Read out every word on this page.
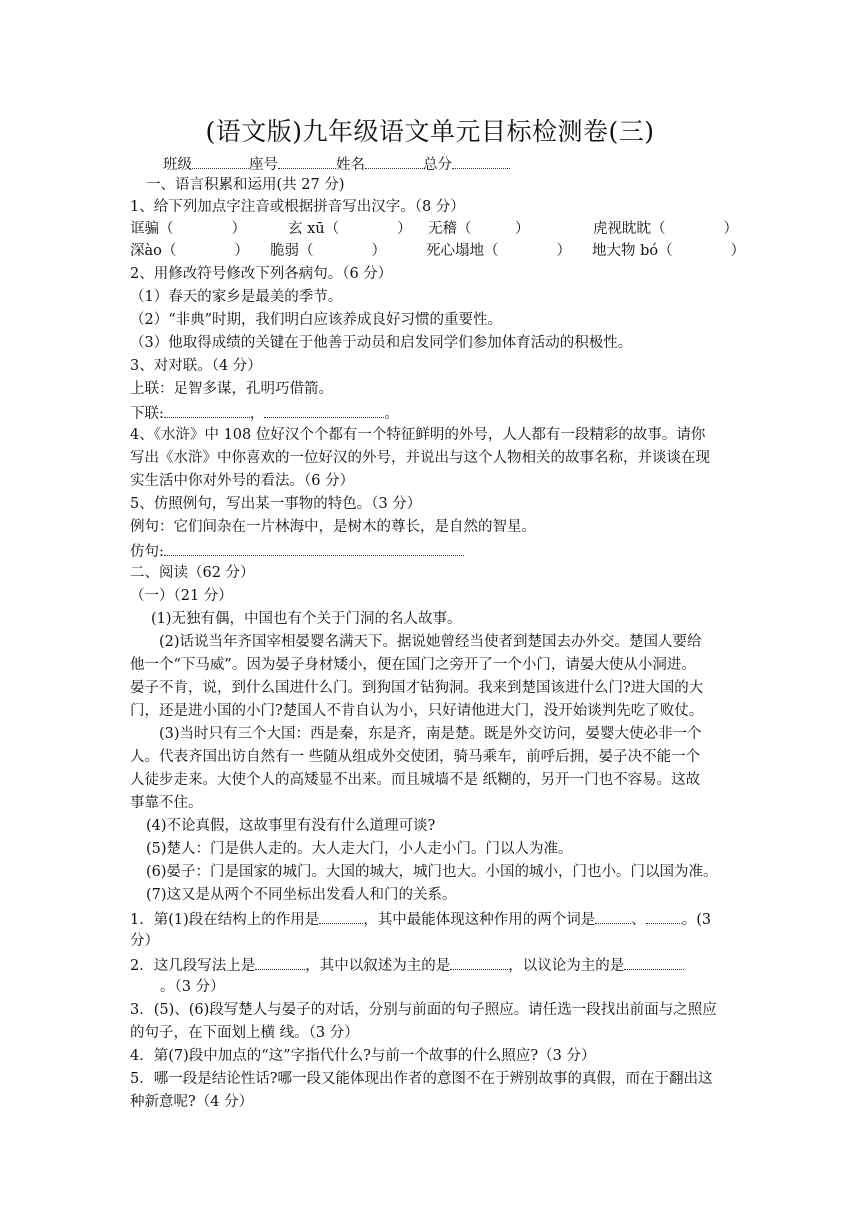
(语文版)九年级语文单元目标检测卷(三)
班级	座号	姓名	总分
一、语言积累和运用(共 27 分)
1、给下列加点字注音或根据拼音写出汉字。（8 分）
诓骗（　　　　）	玄 xū（　　　　） 无稽（　　　）	虎视眈眈（　　　　）
深ào（　　　　） 脆弱（　　　　）	死心塌地（　　　　） 地大物 bó（　　　　）
2、用修改符号修改下列各病句。（6 分）
（1）春天的家乡是最美的季节。
（2）“非典”时期，我们明白应该养成良好习惯的重要性。
（3）他取得成绩的关键在于他善于动员和启发同学们参加体育活动的积极性。
3、对对联。（4 分）
上联：足智多谋，孔明巧借箭。
下联:	，	。
4、《水浒》中 108 位好汉个个都有一个特征鲜明的外号，人人都有一段精彩的故事。请你
写出《水浒》中你喜欢的一位好汉的外号，并说出与这个人物相关的故事名称，并谈谈在现
实生活中你对外号的看法。（6 分）
5、仿照例句，写出某一事物的特色。（3 分）
例句：它们间杂在一片林海中，是树木的尊长，是自然的智星。
仿句:
二、阅读（62 分）
（一）（21 分）
(1)无独有偶，中国也有个关于门洞的名人故事。
(2)话说当年齐国宰相晏婴名满天下。据说她曾经当使者到楚国去办外交。楚国人要给
他一个“下马威”。因为晏子身材矮小，便在国门之旁开了一个小门，请晏大使从小洞进。
晏子不肯，说，到什么国进什么门。到狗国才钻狗洞。我来到楚国该进什么门?进大国的大
门，还是进小国的小门?楚国人不肯自认为小，只好请他进大门，没开始谈判先吃了败仗。
(3)当时只有三个大国：西是秦，东是齐，南是楚。既是外交访问，晏婴大使必非一个
人。代表齐国出访自然有一 些随从组成外交使团，骑马乘车，前呼后拥，晏子决不能一个
人徒步走来。大使个人的高矮显不出来。而且城墙不是 纸糊的，另开一门也不容易。这故
事靠不住。
(4)不论真假，这故事里有没有什么道理可谈?
(5)楚人：门是供人走的。大人走大门，小人走小门。门以人为准。
(6)晏子：门是国家的城门。大国的城大，城门也大。小国的城小，门也小。门以国为准。
(7)这又是从两个不同坐标出发看人和门的关系。
1．第(1)段在结构上的作用是	，其中最能体现这种作用的两个词是 、 。(3
分）
2．这几段写法上是	，其中以叙述为主的是	，以议论为主的是
。（3 分）
3．(5)、(6)段写楚人与晏子的对话，分别与前面的句子照应。请任选一段找出前面与之照应
的句子，在下面划上横 线。（3 分）
4．第(7)段中加点的“这”字指代什么?与前一个故事的什么照应?（3 分）
5．哪一段是结论性话?哪一段又能体现出作者的意图不在于辨别故事的真假，而在于翻出这
种新意呢?（4 分）
